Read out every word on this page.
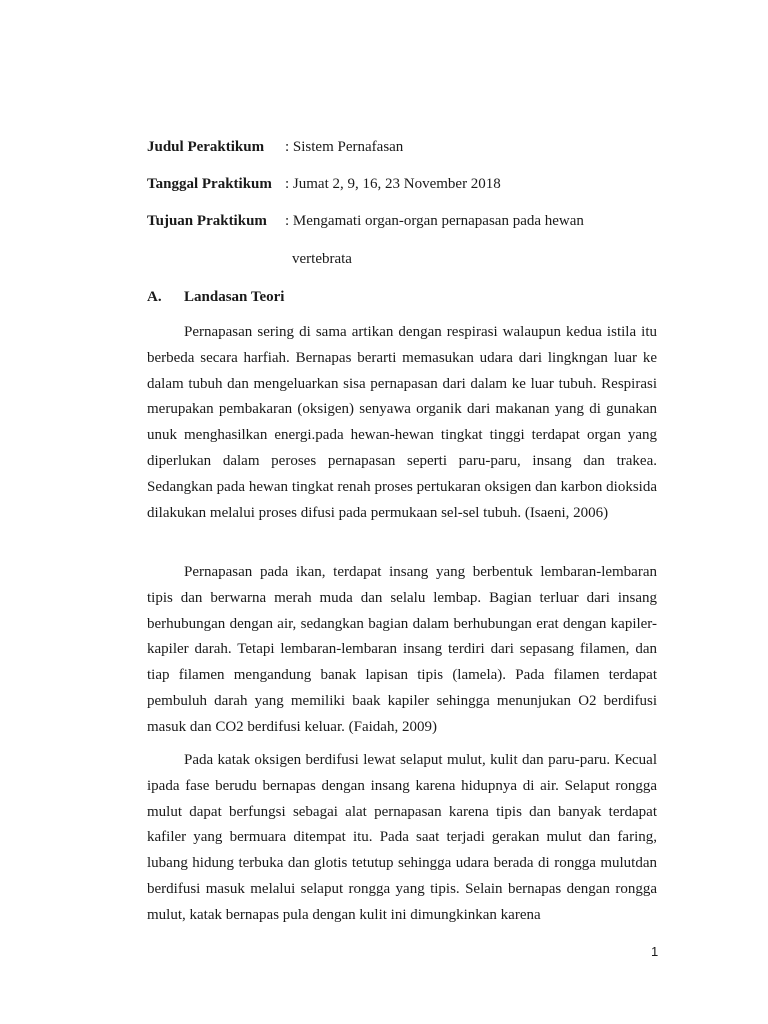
Judul Peraktikum : Sistem Pernafasan
Tanggal Praktikum : Jumat 2, 9, 16, 23 November 2018
Tujuan Praktikum : Mengamati organ-organ pernapasan pada hewan
vertebrata
A. Landasan Teori

Pernapasan sering di sama artikan dengan respirasi walaupun kedua istila itu berbeda secara harfiah. Bernapas berarti memasukan udara dari lingkngan luar ke dalam tubuh dan mengeluarkan sisa pernapasan dari dalam ke luar tubuh. Respirasi merupakan pembakaran (oksigen) senyawa organik dari makanan yang di gunakan unuk menghasilkan energi.pada hewan-hewan tingkat tinggi terdapat organ yang diperlukan dalam peroses pernapasan seperti paru-paru, insang dan trakea. Sedangkan pada hewan tingkat renah proses pertukaran oksigen dan karbon dioksida dilakukan melalui proses difusi pada permukaan sel-sel tubuh. (Isaeni, 2006)

Pernapasan pada ikan, terdapat insang yang berbentuk lembaran-lembaran tipis dan berwarna merah muda dan selalu lembap. Bagian terluar dari insang berhubungan dengan air, sedangkan bagian dalam berhubungan erat dengan kapiler-kapiler darah. Tetapi lembaran-lembaran insang terdiri dari sepasang filamen, dan tiap filamen mengandung banak lapisan tipis (lamela). Pada filamen terdapat pembuluh darah yang memiliki baak kapiler sehingga menunjukan O2 berdifusi masuk dan CO2 berdifusi keluar. (Faidah, 2009)

Pada katak oksigen berdifusi lewat selaput mulut, kulit dan paru-paru. Kecual ipada fase berudu bernapas dengan insang karena hidupnya di air. Selaput rongga mulut dapat berfungsi sebagai alat pernapasan karena tipis dan banyak terdapat kafiler yang bermuara ditempat itu. Pada saat terjadi gerakan mulut dan faring, lubang hidung terbuka dan glotis tetutup sehingga udara berada di rongga mulutdan berdifusi masuk melalui selaput rongga yang tipis. Selain bernapas dengan rongga mulut, katak bernapas pula dengan kulit ini dimungkinkan karena

1
